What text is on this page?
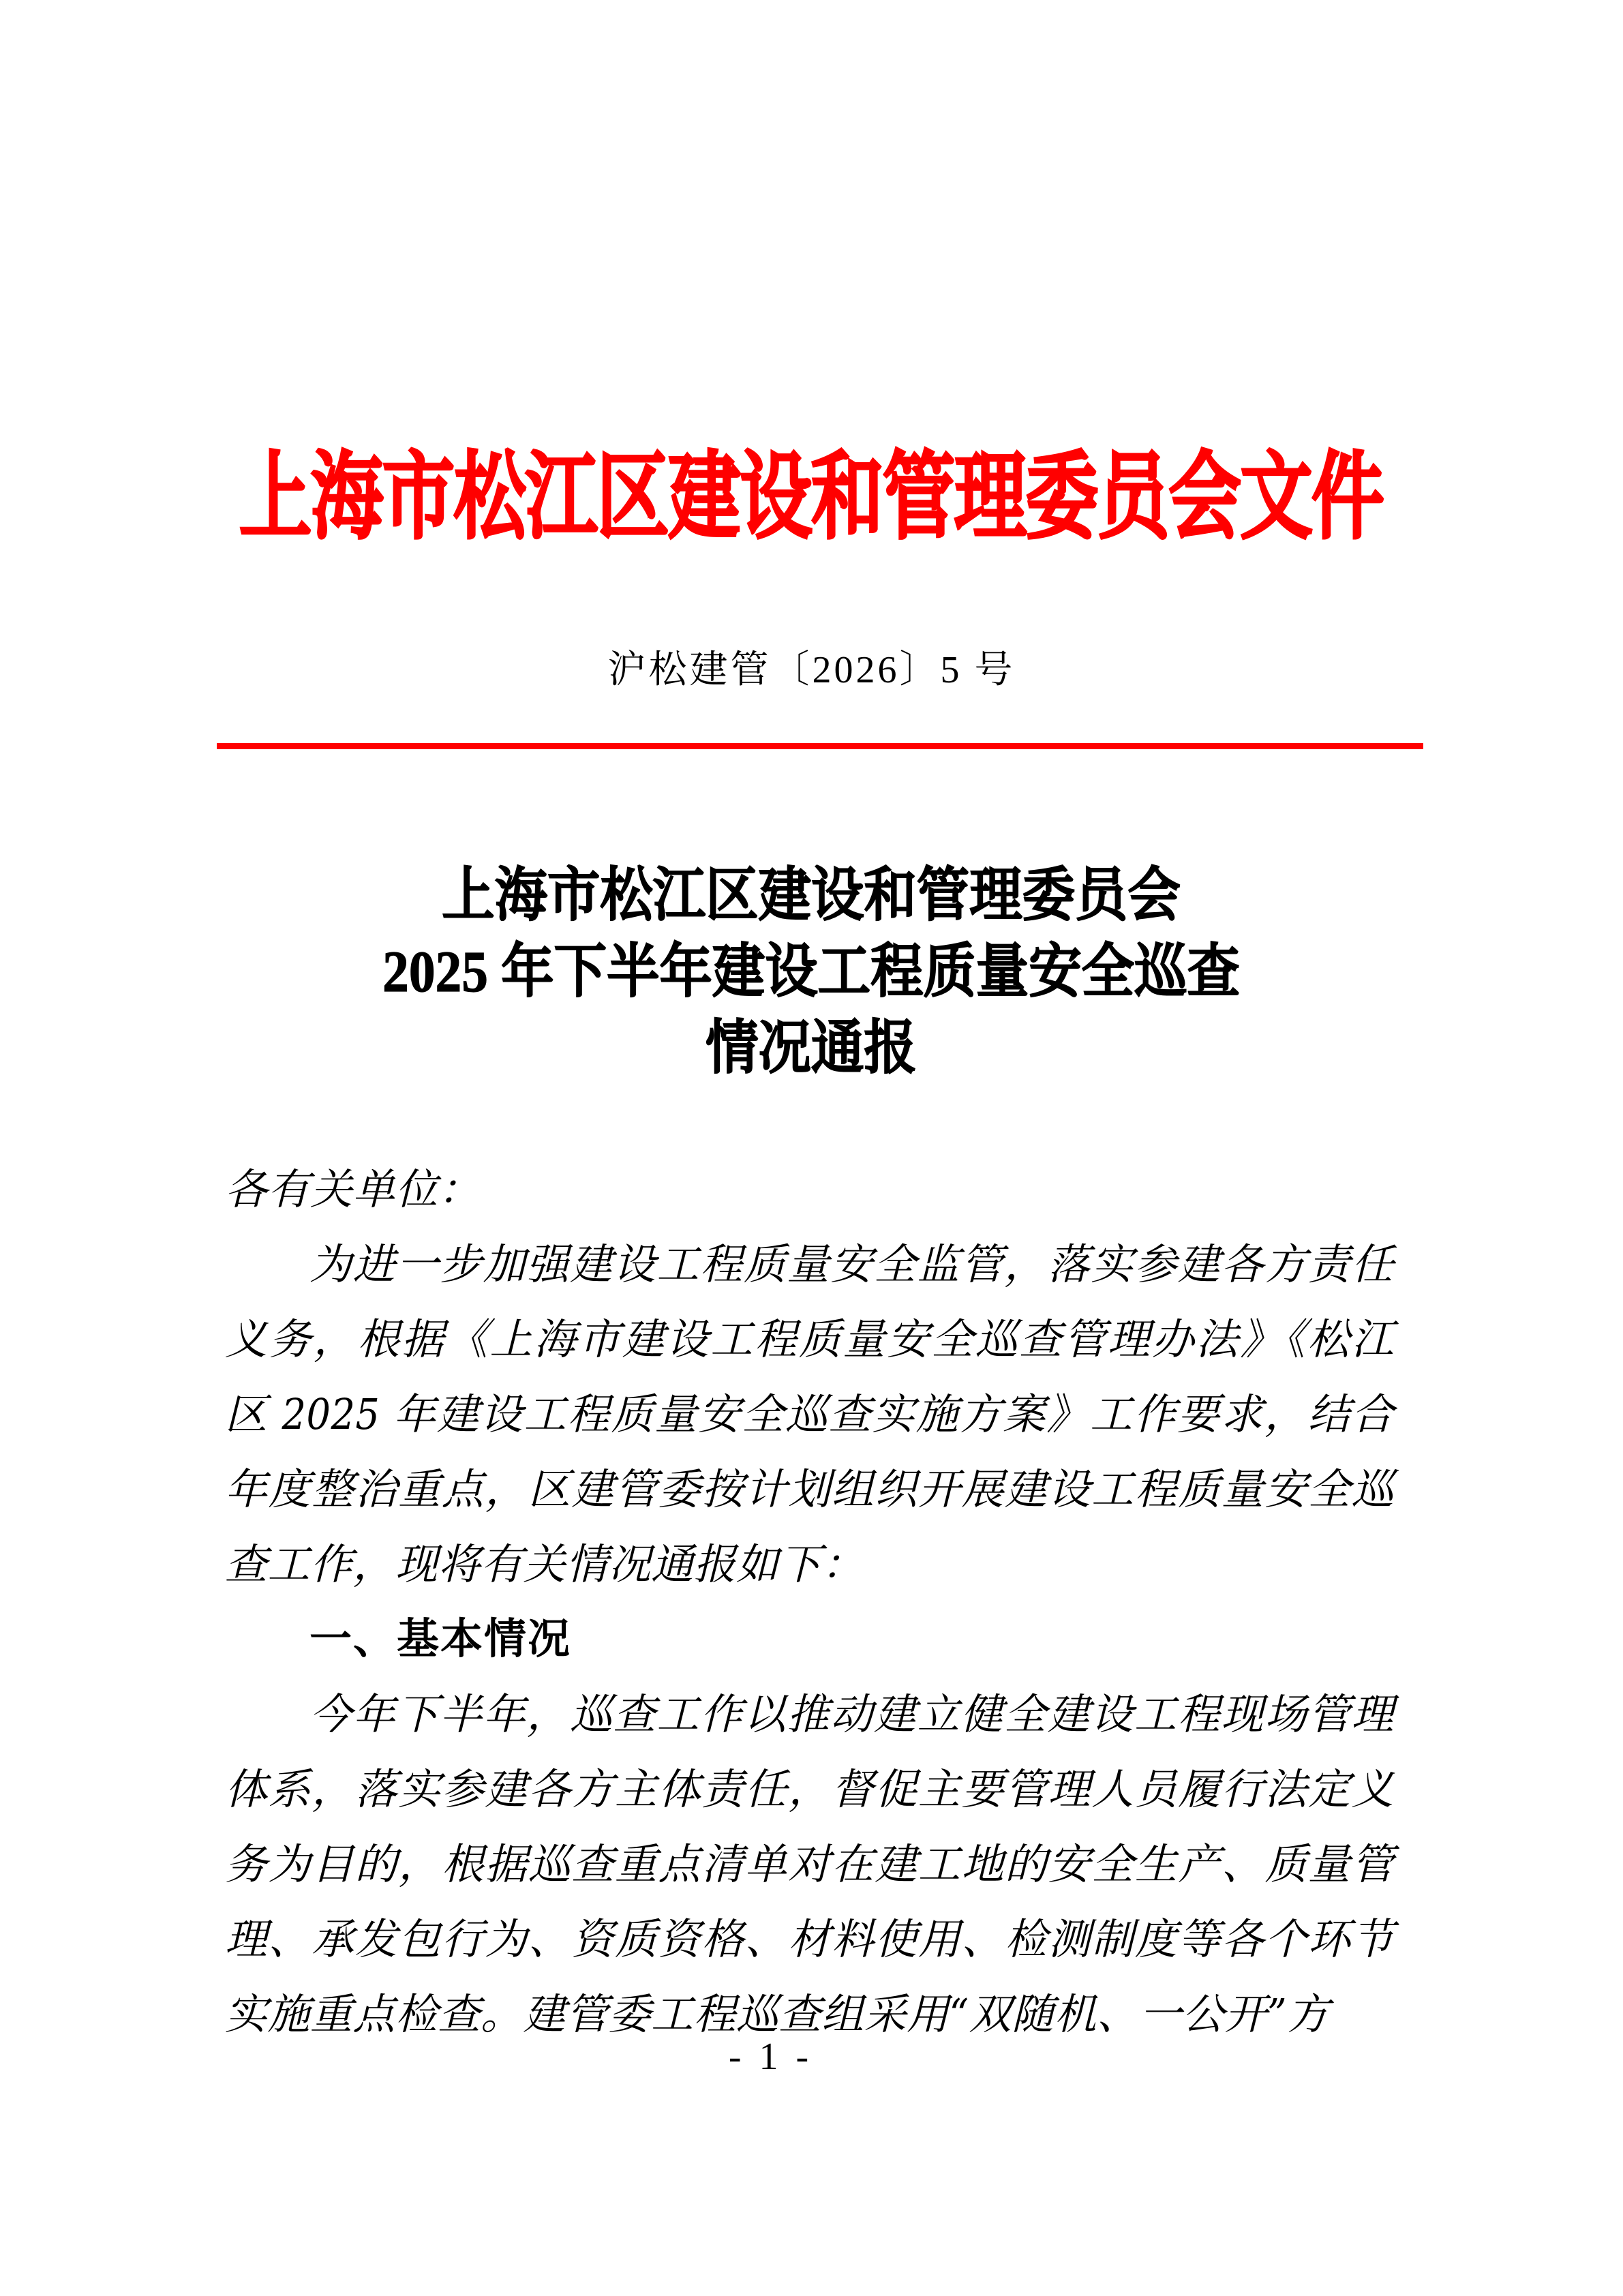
上海市松江区建设和管理委员会文件
沪松建管〔2026〕5 号
上海市松江区建设和管理委员会
2025 年下半年建设工程质量安全巡查
情况通报

各有关单位：

为进一步加强建设工程质量安全监管，落实参建各方责任义务，根据《上海市建设工程质量安全巡查管理办法》《松江区 2025 年建设工程质量安全巡查实施方案》工作要求，结合年度整治重点，区建管委按计划组织开展建设工程质量安全巡查工作，现将有关情况通报如下：

一、基本情况

今年下半年，巡查工作以推动建立健全建设工程现场管理体系，落实参建各方主体责任，督促主要管理人员履行法定义务为目的，根据巡查重点清单对在建工地的安全生产、质量管理、承发包行为、资质资格、材料使用、检测制度等各个环节实施重点检查。建管委工程巡查组采用“双随机、一公开”方

- 1 -
